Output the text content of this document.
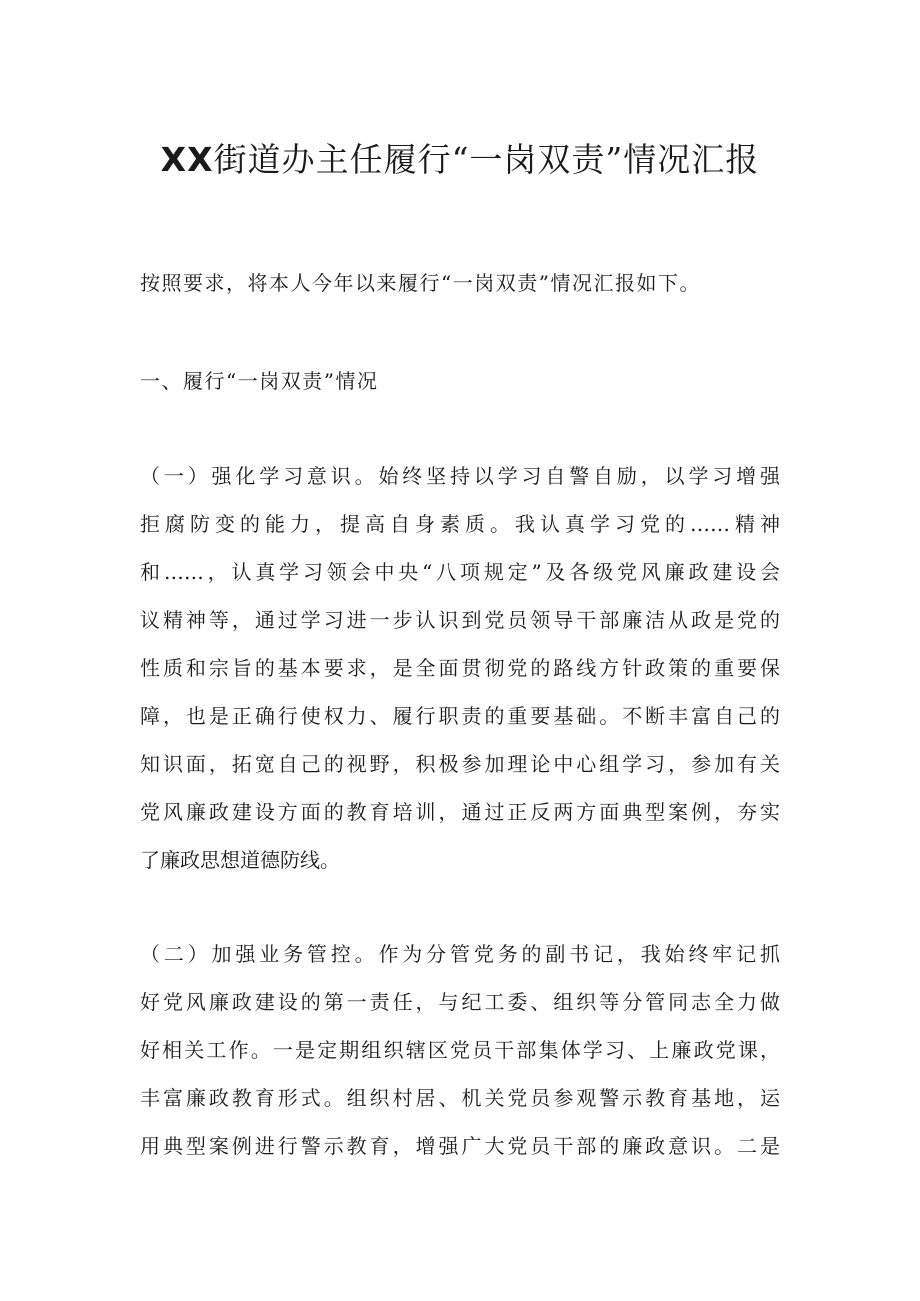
XX街道办主任履行“一岗双责”情况汇报
按照要求，将本人今年以来履行“一岗双责”情况汇报如下。
一、履行“一岗双责”情况
（一）强化学习意识。始终坚持以学习自警自励，以学习增强
拒腐防变的能力，提高自身素质。我认真学习党的……精神
和……，认真学习领会中央“八项规定”及各级党风廉政建设会
议精神等，通过学习进一步认识到党员领导干部廉洁从政是党的
性质和宗旨的基本要求，是全面贯彻党的路线方针政策的重要保
障，也是正确行使权力、履行职责的重要基础。不断丰富自己的
知识面，拓宽自己的视野，积极参加理论中心组学习，参加有关
党风廉政建设方面的教育培训，通过正反两方面典型案例，夯实
了廉政思想道德防线。
（二）加强业务管控。作为分管党务的副书记，我始终牢记抓
好党风廉政建设的第一责任，与纪工委、组织等分管同志全力做
好相关工作。一是定期组织辖区党员干部集体学习、上廉政党课，
丰富廉政教育形式。组织村居、机关党员参观警示教育基地，运
用典型案例进行警示教育，增强广大党员干部的廉政意识。二是
